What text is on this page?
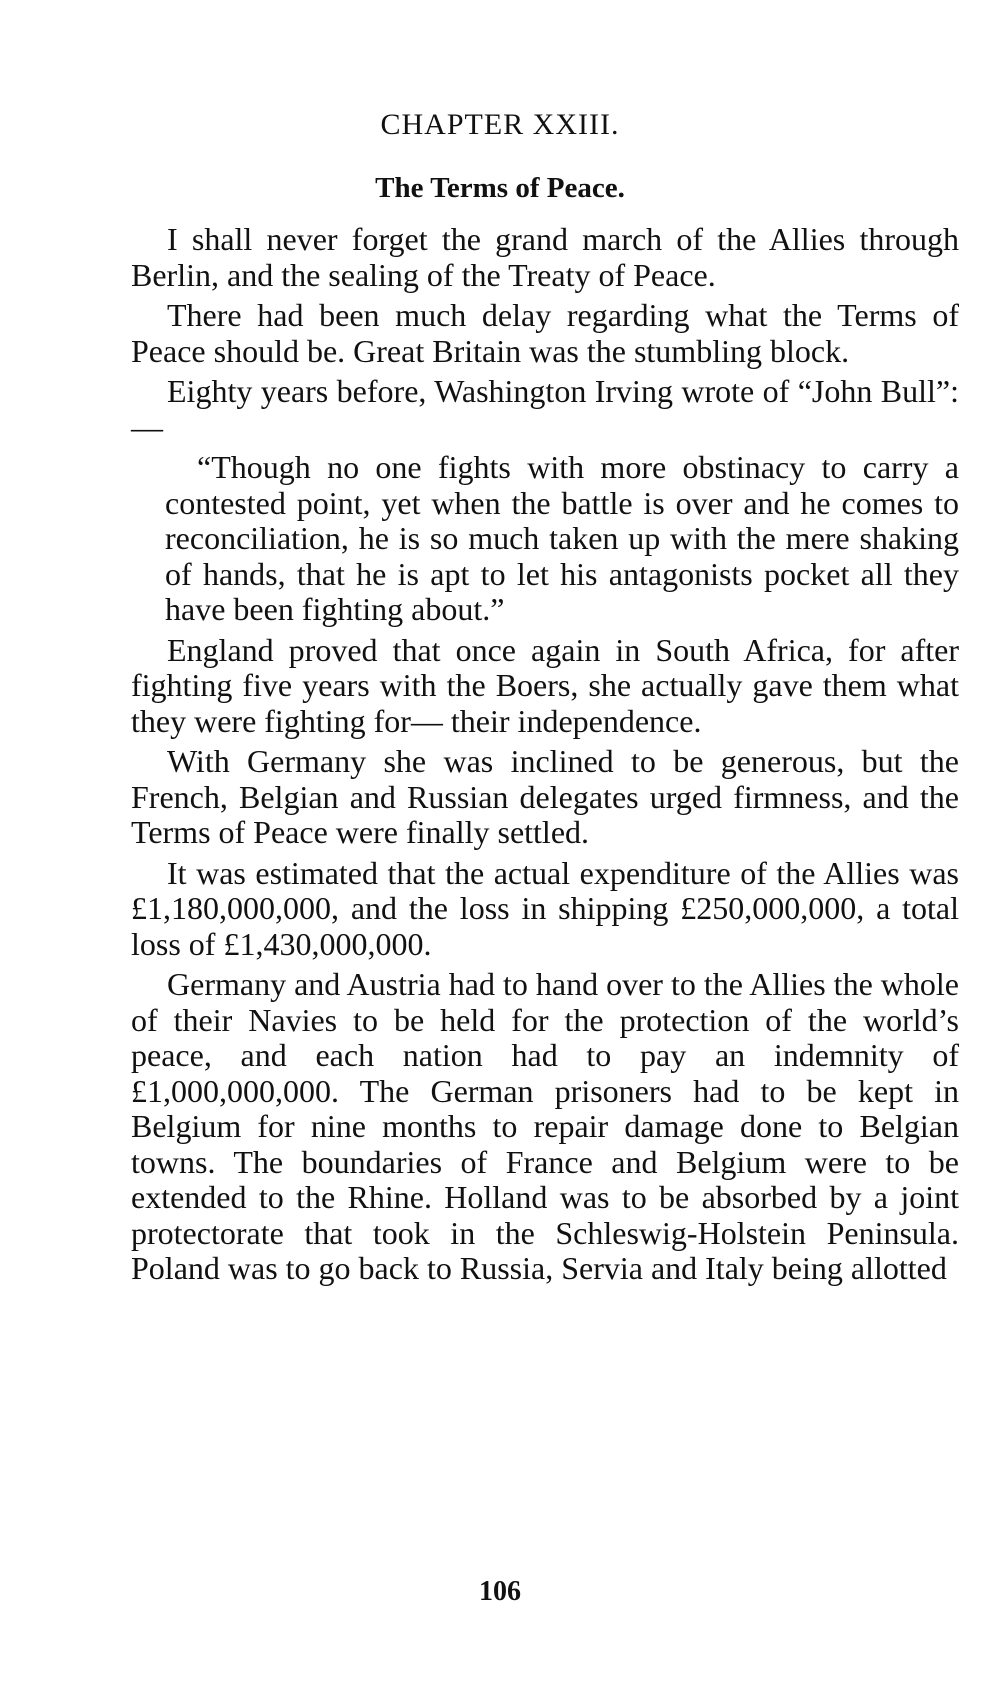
CHAPTER XXIII.
The Terms of Peace.

I shall never forget the grand march of the Allies through Berlin, and the sealing of the Treaty of Peace.

There had been much delay regarding what the Terms of Peace should be. Great Britain was the stumbling block.

Eighty years before, Washington Irving wrote of “John Bull”:—

“Though no one fights with more obstinacy to carry a contested point, yet when the battle is over and he comes to reconciliation, he is so much taken up with the mere shaking of hands, that he is apt to let his antagonists pocket all they have been fighting about.”

England proved that once again in South Africa, for after fighting five years with the Boers, she actually gave them what they were fighting for— their independence.

With Germany she was inclined to be generous, but the French, Belgian and Russian delegates urged firmness, and the Terms of Peace were finally settled.

It was estimated that the actual expenditure of the Allies was £1,180,000,000, and the loss in shipping £250,000,000, a total loss of £1,430,000,000.

Germany and Austria had to hand over to the Allies the whole of their Navies to be held for the protection of the world’s peace, and each nation had to pay an indemnity of £1,000,000,000. The German prisoners had to be kept in Belgium for nine months to repair damage done to Belgian towns. The boundaries of France and Belgium were to be extended to the Rhine. Holland was to be absorbed by a joint protectorate that took in the Schleswig-Holstein Peninsula. Poland was to go back to Russia, Servia and Italy being allotted

106
